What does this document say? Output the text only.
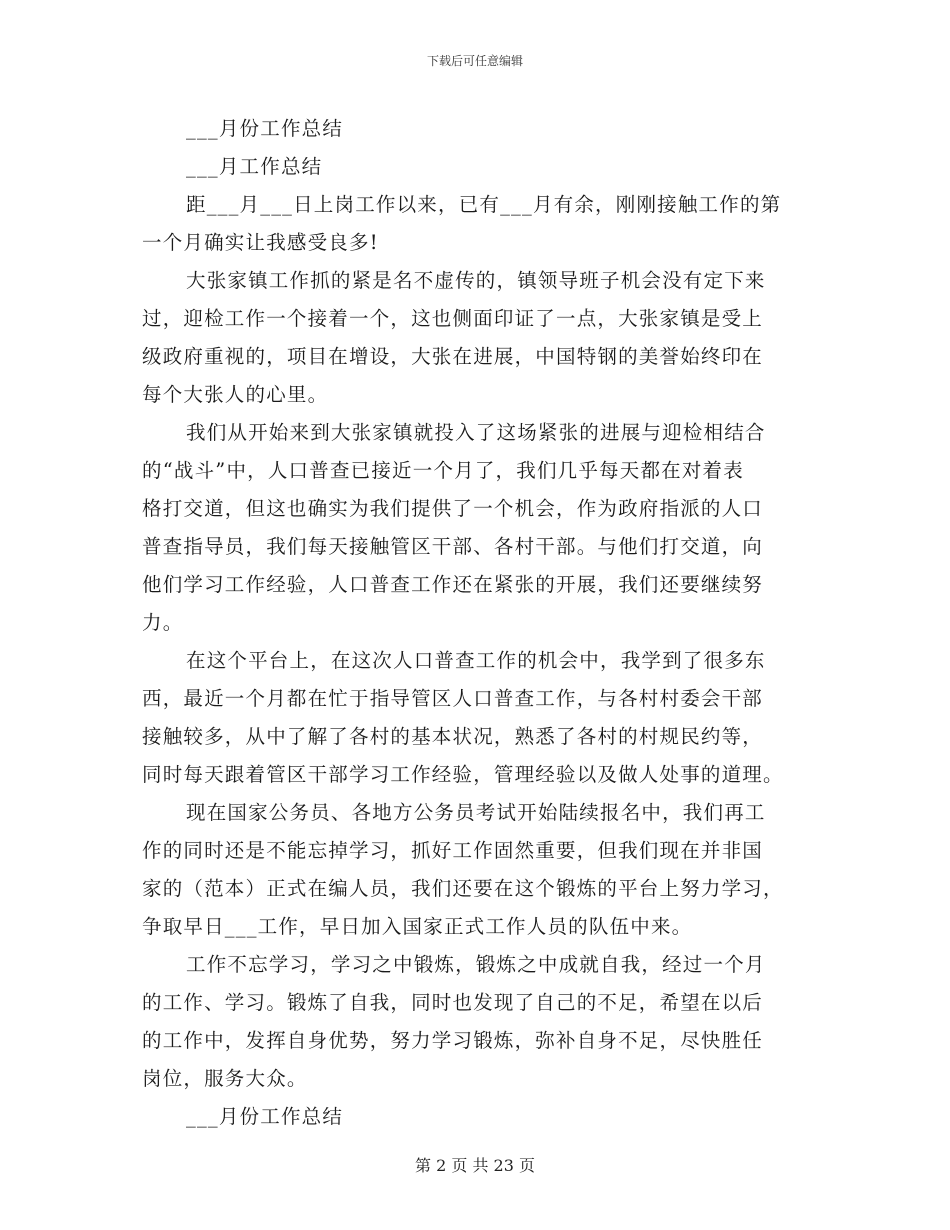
下载后可任意编辑
___月份工作总结
___月工作总结
距___月___日上岗工作以来，已有___月有余，刚刚接触工作的第
一个月确实让我感受良多!
大张家镇工作抓的紧是名不虚传的，镇领导班子机会没有定下来
过，迎检工作一个接着一个，这也侧面印证了一点，大张家镇是受上
级政府重视的，项目在增设，大张在进展，中国特钢的美誉始终印在
每个大张人的心里。
我们从开始来到大张家镇就投入了这场紧张的进展与迎检相结合
的“战斗”中，人口普查已接近一个月了，我们几乎每天都在对着表
格打交道，但这也确实为我们提供了一个机会，作为政府指派的人口
普查指导员，我们每天接触管区干部、各村干部。与他们打交道，向
他们学习工作经验，人口普查工作还在紧张的开展，我们还要继续努
力。
在这个平台上，在这次人口普查工作的机会中，我学到了很多东
西，最近一个月都在忙于指导管区人口普查工作，与各村村委会干部
接触较多，从中了解了各村的基本状况，熟悉了各村的村规民约等，
同时每天跟着管区干部学习工作经验，管理经验以及做人处事的道理。
现在国家公务员、各地方公务员考试开始陆续报名中，我们再工
作的同时还是不能忘掉学习，抓好工作固然重要，但我们现在并非国
家的（范本）正式在编人员，我们还要在这个锻炼的平台上努力学习，
争取早日___工作，早日加入国家正式工作人员的队伍中来。
工作不忘学习，学习之中锻炼，锻炼之中成就自我，经过一个月
的工作、学习。锻炼了自我，同时也发现了自己的不足，希望在以后
的工作中，发挥自身优势，努力学习锻炼，弥补自身不足，尽快胜任
岗位，服务大众。
___月份工作总结
第 2 页 共 23 页
